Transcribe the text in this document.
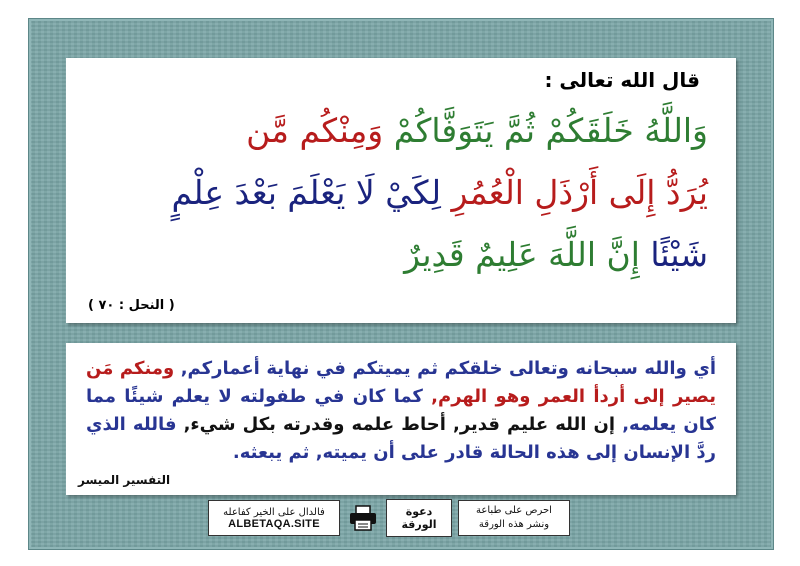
قال الله تعالى :
وَاللَّهُ خَلَقَكُمْ ثُمَّ يَتَوَفَّاكُمْ وَمِنْكُم مَّن
يُرَدُّ إِلَى أَرْذَلِ الْعُمُرِ لِكَيْ لَا يَعْلَمَ بَعْدَ عِلْمٍ
شَيْئًا إِنَّ اللَّهَ عَلِيمٌ قَدِيرٌ
( النحل : ٧٠ )
أي والله سبحانه وتعالى خلقكم ثم يميتكم في نهاية أعماركم, ومنكم مَن يصير إلى أردأ العمر وهو الهرم, كما كان في طفولته لا يعلم شيئًا مما كان يعلمه, إن الله عليم قدير, أحاط علمه وقدرته بكل شيء, فالله الذي ردَّ الإنسان إلى هذه الحالة قادر على أن يميته, ثم يبعثه.
التفسير الميسر
فالدال على الخير كفاعله
ALBETAQA.SITE
دعوة
الورقة
احرص على طباعة
ونشر هذه الورقة
